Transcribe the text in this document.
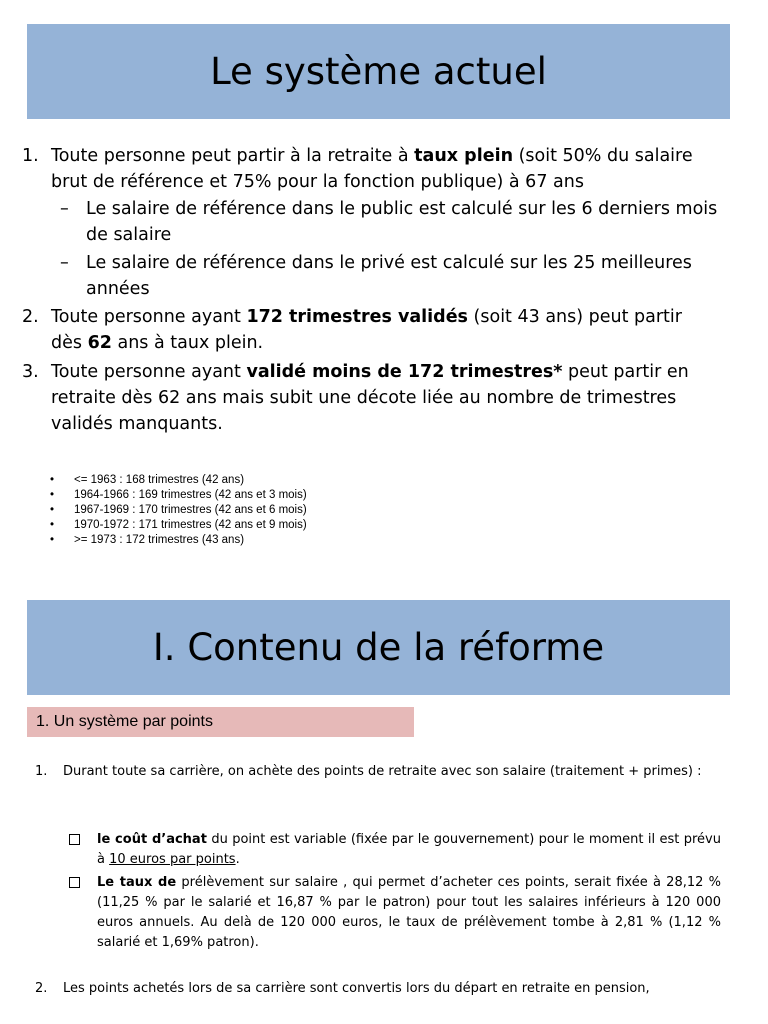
Le système actuel
1. Toute personne peut partir à la retraite à taux plein (soit 50% du salaire brut de référence et 75% pour la fonction publique) à 67 ans
– Le salaire de référence dans le public est calculé sur les 6 derniers mois de salaire
– Le salaire de référence dans le privé est calculé sur les 25 meilleures années
2. Toute personne ayant 172 trimestres validés (soit 43 ans) peut partir dès 62 ans à taux plein.
3. Toute personne ayant validé moins de 172 trimestres* peut partir en retraite dès 62 ans mais subit une décote liée au nombre de trimestres validés manquants.
• <= 1963 : 168 trimestres (42 ans)
• 1964-1966 : 169 trimestres (42 ans et 3 mois)
• 1967-1969 : 170 trimestres (42 ans et 6 mois)
• 1970-1972 : 171 trimestres (42 ans et 9 mois)
• >= 1973 : 172 trimestres (43 ans)
I. Contenu de la réforme
1. Un système par points
1. Durant toute sa carrière, on achète des points de retraite avec son salaire (traitement + primes) :
le coût d’achat du point est variable (fixée par le gouvernement) pour le moment il est prévu à 10 euros par points.
Le taux de prélèvement sur salaire , qui permet d’acheter ces points, serait fixée à 28,12 % (11,25 % par le salarié et 16,87 % par le patron) pour tout les salaires inférieurs à 120 000 euros annuels. Au delà de 120 000 euros, le taux de prélèvement tombe à 2,81 % (1,12 % salarié et 1,69% patron).
2. Les points achetés lors de sa carrière sont convertis lors du départ en retraite en pension,
